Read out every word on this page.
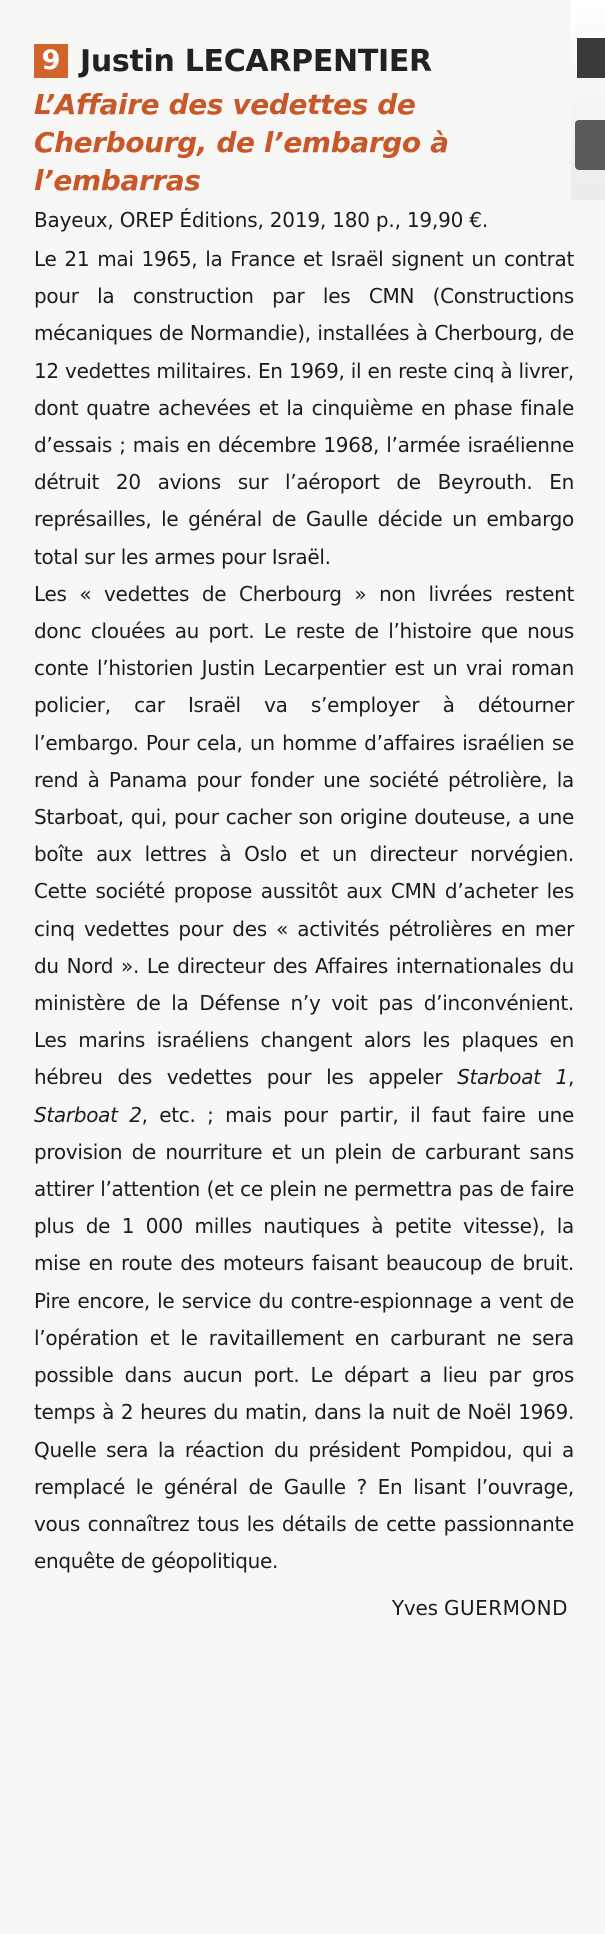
9 Justin LECARPENTIER
L’Affaire des vedettes de Cherbourg, de l’embargo à l’embarras
Bayeux, OREP Éditions, 2019, 180 p., 19,90 €.

Le 21 mai 1965, la France et Israël signent un contrat pour la construction par les CMN (Constructions mécaniques de Normandie), installées à Cherbourg, de 12 vedettes militaires. En 1969, il en reste cinq à livrer, dont quatre achevées et la cinquième en phase finale d’essais ; mais en décembre 1968, l’armée israélienne détruit 20 avions sur l’aéroport de Beyrouth. En représailles, le général de Gaulle décide un embargo total sur les armes pour Israël.

Les « vedettes de Cherbourg » non livrées restent donc clouées au port. Le reste de l’histoire que nous conte l’historien Justin Lecarpentier est un vrai roman policier, car Israël va s’employer à détourner l’embargo. Pour cela, un homme d’affaires israélien se rend à Panama pour fonder une société pétrolière, la Starboat, qui, pour cacher son origine douteuse, a une boîte aux lettres à Oslo et un directeur norvégien. Cette société propose aussitôt aux CMN d’acheter les cinq vedettes pour des « activités pétrolières en mer du Nord ». Le directeur des Affaires internationales du ministère de la Défense n’y voit pas d’inconvénient. Les marins israéliens changent alors les plaques en hébreu des vedettes pour les appeler Starboat 1, Starboat 2, etc. ; mais pour partir, il faut faire une provision de nourriture et un plein de carburant sans attirer l’attention (et ce plein ne permettra pas de faire plus de 1 000 milles nautiques à petite vitesse), la mise en route des moteurs faisant beaucoup de bruit. Pire encore, le service du contre-espionnage a vent de l’opération et le ravitaillement en carburant ne sera possible dans aucun port. Le départ a lieu par gros temps à 2 heures du matin, dans la nuit de Noël 1969. Quelle sera la réaction du président Pompidou, qui a remplacé le général de Gaulle ? En lisant l’ouvrage, vous connaîtrez tous les détails de cette passionnante enquête de géopolitique.

Yves GUERMOND
